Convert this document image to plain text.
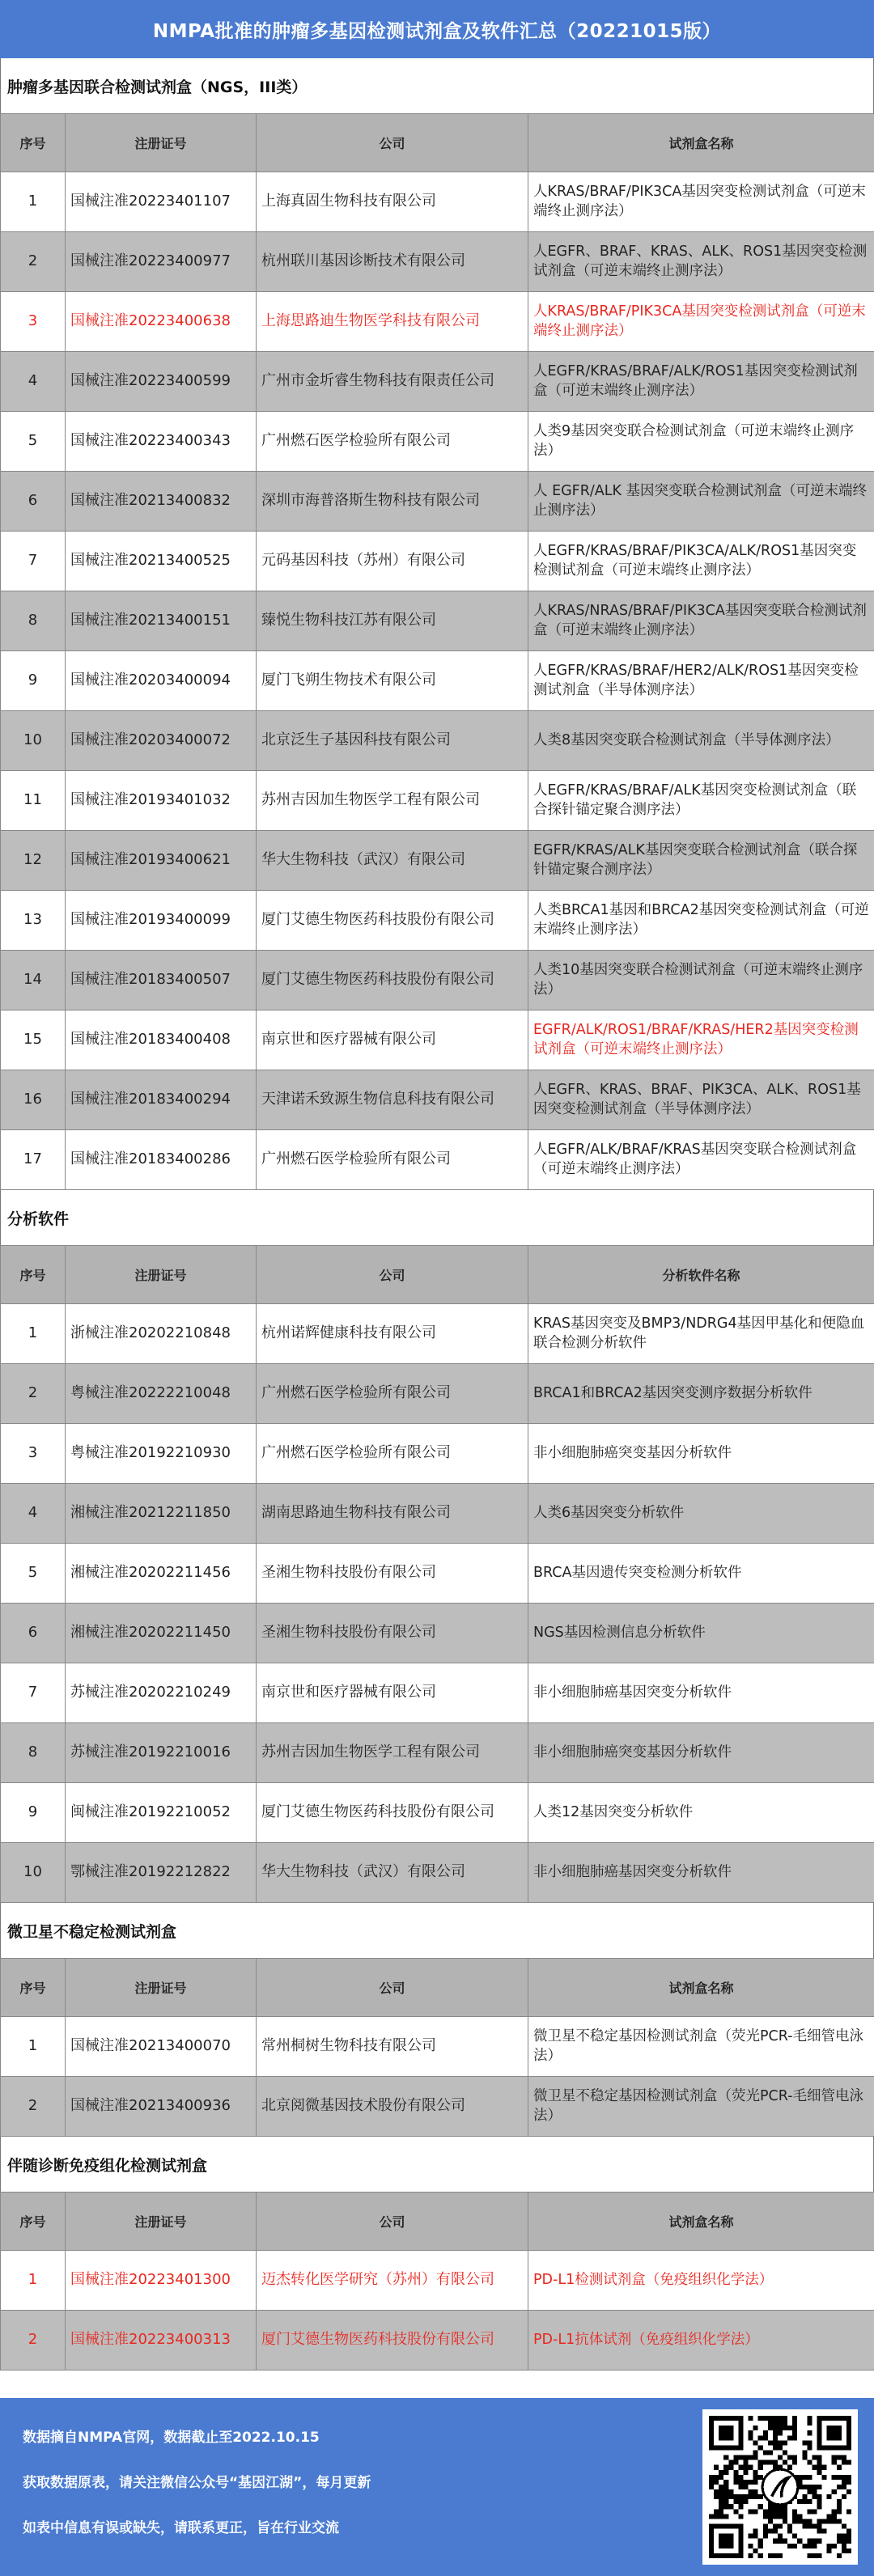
NMPA批准的肿瘤多基因检测试剂盒及软件汇总（20221015版）
肿瘤多基因联合检测试剂盒（NGS，III类）
序号	注册证号	公司	试剂盒名称
1	国械注准20223401107	上海真固生物科技有限公司	人KRAS/BRAF/PIK3CA基因突变检测试剂盒（可逆末端终止测序法）
2	国械注准20223400977	杭州联川基因诊断技术有限公司	人EGFR、BRAF、KRAS、ALK、ROS1基因突变检测试剂盒（可逆末端终止测序法）
3	国械注准20223400638	上海思路迪生物医学科技有限公司	人KRAS/BRAF/PIK3CA基因突变检测试剂盒（可逆末端终止测序法）
4	国械注准20223400599	广州市金圻睿生物科技有限责任公司	人EGFR/KRAS/BRAF/ALK/ROS1基因突变检测试剂盒（可逆末端终止测序法）
5	国械注准20223400343	广州燃石医学检验所有限公司	人类9基因突变联合检测试剂盒（可逆末端终止测序法）
6	国械注准20213400832	深圳市海普洛斯生物科技有限公司	人 EGFR/ALK 基因突变联合检测试剂盒（可逆末端终止测序法）
7	国械注准20213400525	元码基因科技（苏州）有限公司	人EGFR/KRAS/BRAF/PIK3CA/ALK/ROS1基因突变检测试剂盒（可逆末端终止测序法）
8	国械注准20213400151	臻悦生物科技江苏有限公司	人KRAS/NRAS/BRAF/PIK3CA基因突变联合检测试剂盒（可逆末端终止测序法）
9	国械注准20203400094	厦门飞朔生物技术有限公司	人EGFR/KRAS/BRAF/HER2/ALK/ROS1基因突变检测试剂盒（半导体测序法）
10	国械注准20203400072	北京泛生子基因科技有限公司	人类8基因突变联合检测试剂盒（半导体测序法）
11	国械注准20193401032	苏州吉因加生物医学工程有限公司	人EGFR/KRAS/BRAF/ALK基因突变检测试剂盒（联合探针锚定聚合测序法）
12	国械注准20193400621	华大生物科技（武汉）有限公司	EGFR/KRAS/ALK基因突变联合检测试剂盒（联合探针锚定聚合测序法）
13	国械注准20193400099	厦门艾德生物医药科技股份有限公司	人类BRCA1基因和BRCA2基因突变检测试剂盒（可逆末端终止测序法）
14	国械注准20183400507	厦门艾德生物医药科技股份有限公司	人类10基因突变联合检测试剂盒（可逆末端终止测序法）
15	国械注准20183400408	南京世和医疗器械有限公司	EGFR/ALK/ROS1/BRAF/KRAS/HER2基因突变检测试剂盒（可逆末端终止测序法）
16	国械注准20183400294	天津诺禾致源生物信息科技有限公司	人EGFR、KRAS、BRAF、PIK3CA、ALK、ROS1基因突变检测试剂盒（半导体测序法）
17	国械注准20183400286	广州燃石医学检验所有限公司	人EGFR/ALK/BRAF/KRAS基因突变联合检测试剂盒（可逆末端终止测序法）
分析软件
序号	注册证号	公司	分析软件名称
1	浙械注准20202210848	杭州诺辉健康科技有限公司	KRAS基因突变及BMP3/NDRG4基因甲基化和便隐血联合检测分析软件
2	粤械注准20222210048	广州燃石医学检验所有限公司	BRCA1和BRCA2基因突变测序数据分析软件
3	粤械注准20192210930	广州燃石医学检验所有限公司	非小细胞肺癌突变基因分析软件
4	湘械注准20212211850	湖南思路迪生物科技有限公司	人类6基因突变分析软件
5	湘械注准20202211456	圣湘生物科技股份有限公司	BRCA基因遗传突变检测分析软件
6	湘械注准20202211450	圣湘生物科技股份有限公司	NGS基因检测信息分析软件
7	苏械注准20202210249	南京世和医疗器械有限公司	非小细胞肺癌基因突变分析软件
8	苏械注准20192210016	苏州吉因加生物医学工程有限公司	非小细胞肺癌突变基因分析软件
9	闽械注准20192210052	厦门艾德生物医药科技股份有限公司	人类12基因突变分析软件
10	鄂械注准20192212822	华大生物科技（武汉）有限公司	非小细胞肺癌基因突变分析软件
微卫星不稳定检测试剂盒
序号	注册证号	公司	试剂盒名称
1	国械注准20213400070	常州桐树生物科技有限公司	微卫星不稳定基因检测试剂盒（荧光PCR-毛细管电泳法）
2	国械注准20213400936	北京阅微基因技术股份有限公司	微卫星不稳定基因检测试剂盒（荧光PCR-毛细管电泳法）
伴随诊断免疫组化检测试剂盒
序号	注册证号	公司	试剂盒名称
1	国械注准20223401300	迈杰转化医学研究（苏州）有限公司	PD-L1检测试剂盒（免疫组织化学法）
2	国械注准20223400313	厦门艾德生物医药科技股份有限公司	PD-L1抗体试剂（免疫组织化学法）
数据摘自NMPA官网，数据截止至2022.10.15
获取数据原表，请关注微信公众号“基因江湖”，每月更新
如表中信息有误或缺失，请联系更正，旨在行业交流
